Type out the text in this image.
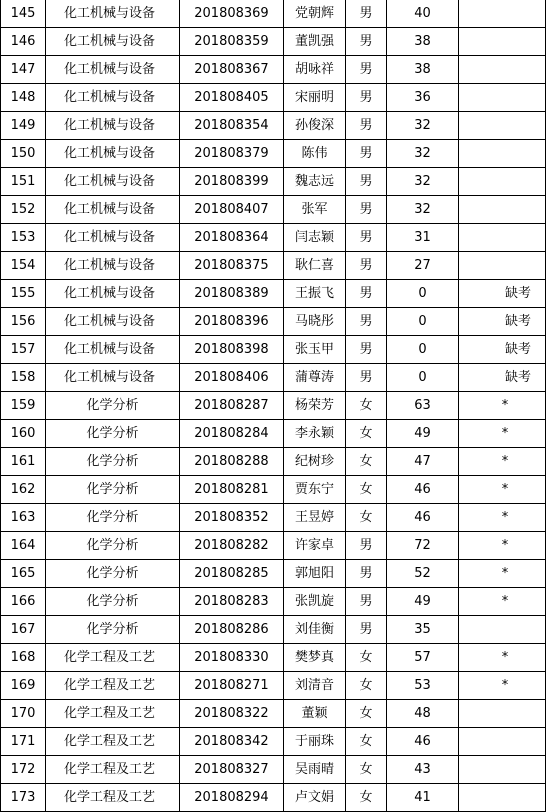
145	化工机械与设备	201808369	党朝辉	男	40	
146	化工机械与设备	201808359	董凯强	男	38	
147	化工机械与设备	201808367	胡咏祥	男	38	
148	化工机械与设备	201808405	宋丽明	男	36	
149	化工机械与设备	201808354	孙俊深	男	32	
150	化工机械与设备	201808379	陈伟	男	32	
151	化工机械与设备	201808399	魏志远	男	32	
152	化工机械与设备	201808407	张军	男	32	
153	化工机械与设备	201808364	闫志颖	男	31	
154	化工机械与设备	201808375	耿仁喜	男	27	
155	化工机械与设备	201808389	王振飞	男	0	缺考
156	化工机械与设备	201808396	马晓彤	男	0	缺考
157	化工机械与设备	201808398	张玉甲	男	0	缺考
158	化工机械与设备	201808406	蒲尊涛	男	0	缺考
159	化学分析	201808287	杨荣芳	女	63	*
160	化学分析	201808284	李永颖	女	49	*
161	化学分析	201808288	纪树珍	女	47	*
162	化学分析	201808281	贾东宁	女	46	*
163	化学分析	201808352	王昱婷	女	46	*
164	化学分析	201808282	许家卓	男	72	*
165	化学分析	201808285	郭旭阳	男	52	*
166	化学分析	201808283	张凯旋	男	49	*
167	化学分析	201808286	刘佳衡	男	35	
168	化学工程及工艺	201808330	樊梦真	女	57	*
169	化学工程及工艺	201808271	刘清音	女	53	*
170	化学工程及工艺	201808322	董颖	女	48	
171	化学工程及工艺	201808342	于丽珠	女	46	
172	化学工程及工艺	201808327	吴雨晴	女	43	
173	化学工程及工艺	201808294	卢文娟	女	41	
